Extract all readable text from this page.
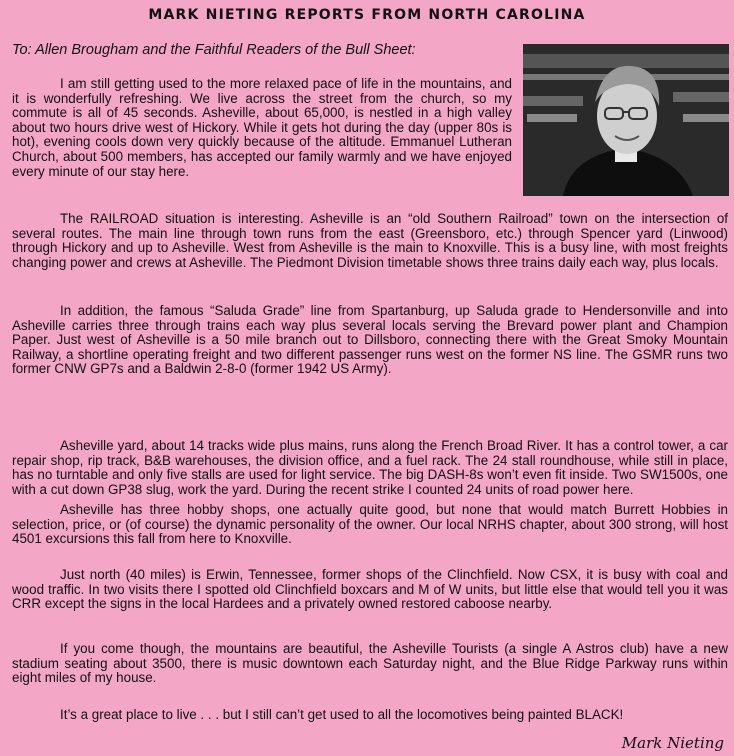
MARK NIETING REPORTS FROM NORTH CAROLINA
To: Allen Brougham and the Faithful Readers of the Bull Sheet:

I am still getting used to the more relaxed pace of life in the mountains, and it is wonderfully refreshing. We live across the street from the church, so my commute is all of 45 seconds. Asheville, about 65,000, is nestled in a high valley about two hours drive west of Hickory. While it gets hot during the day (upper 80s is hot), evening cools down very quickly because of the altitude. Emmanuel Lutheran Church, about 500 members, has accepted our family warmly and we have enjoyed every minute of our stay here.

The RAILROAD situation is interesting. Asheville is an “old Southern Railroad” town on the intersection of several routes. The main line through town runs from the east (Greensboro, etc.) through Spencer yard (Linwood) through Hickory and up to Asheville. West from Asheville is the main to Knoxville. This is a busy line, with most freights changing power and crews at Asheville. The Piedmont Division timetable shows three trains daily each way, plus locals.

In addition, the famous “Saluda Grade” line from Spartanburg, up Saluda grade to Hendersonville and into Asheville carries three through trains each way plus several locals serving the Brevard power plant and Champion Paper. Just west of Asheville is a 50 mile branch out to Dillsboro, connecting there with the Great Smoky Mountain Railway, a shortline operating freight and two different passenger runs west on the former NS line. The GSMR runs two former CNW GP7s and a Baldwin 2-8-0 (former 1942 US Army).

Asheville yard, about 14 tracks wide plus mains, runs along the French Broad River. It has a control tower, a car repair shop, rip track, B&B warehouses, the division office, and a fuel rack. The 24 stall roundhouse, while still in place, has no turntable and only five stalls are used for light service. The big DASH-8s won’t even fit inside. Two SW1500s, one with a cut down GP38 slug, work the yard. During the recent strike I counted 24 units of road power here.

Asheville has three hobby shops, one actually quite good, but none that would match Burrett Hobbies in selection, price, or (of course) the dynamic personality of the owner. Our local NRHS chapter, about 300 strong, will host 4501 excursions this fall from here to Knoxville.

Just north (40 miles) is Erwin, Tennessee, former shops of the Clinchfield. Now CSX, it is busy with coal and wood traffic. In two visits there I spotted old Clinchfield boxcars and M of W units, but little else that would tell you it was CRR except the signs in the local Hardees and a privately owned restored caboose nearby.

If you come though, the mountains are beautiful, the Asheville Tourists (a single A Astros club) have a new stadium seating about 3500, there is music downtown each Saturday night, and the Blue Ridge Parkway runs within eight miles of my house.

It’s a great place to live . . . but I still can’t get used to all the locomotives being painted BLACK!

Mark Nieting
